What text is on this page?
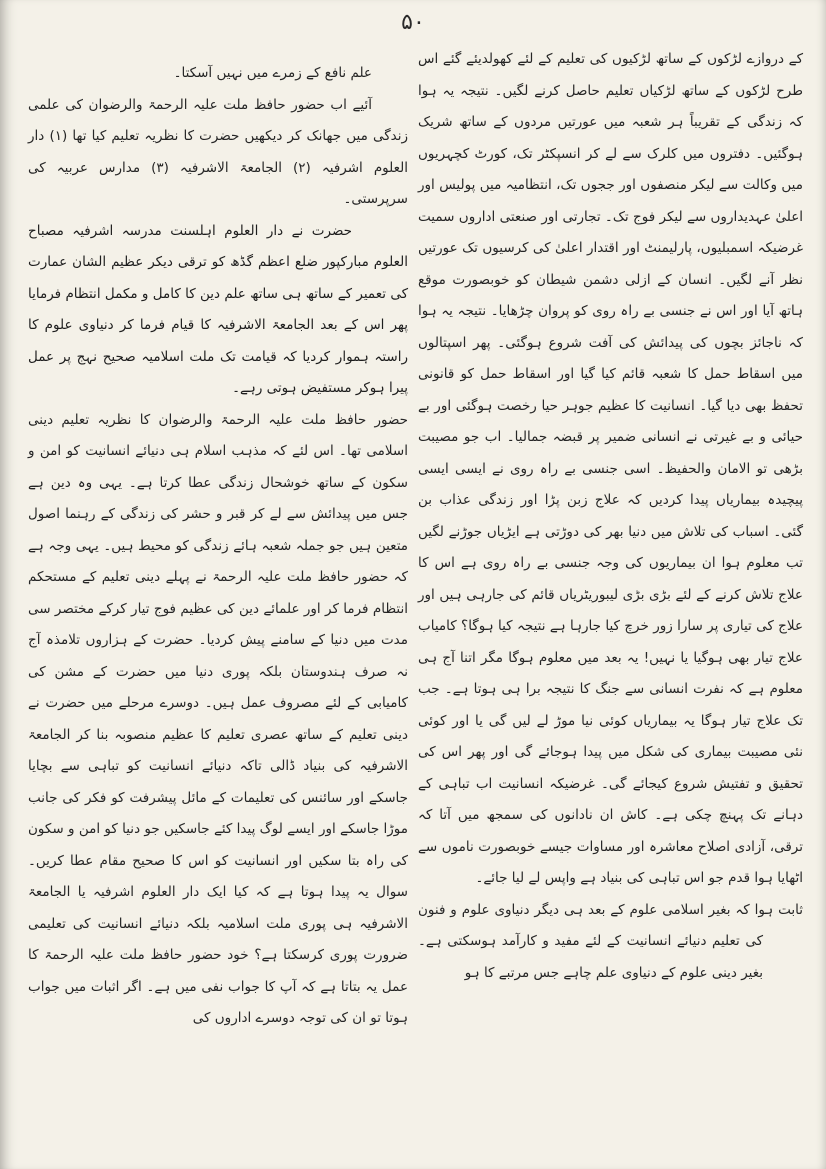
۵۰

کے دروازے لڑکوں کے ساتھ لڑکیوں کی تعلیم کے لئے کھولدیئے گئے اس طرح لڑکوں کے ساتھ لڑکیاں تعلیم حاصل کرنے لگیں۔ نتیجہ یہ ہوا کہ زندگی کے تقریباً ہر شعبہ میں عورتیں مردوں کے ساتھ شریک ہوگئیں۔ دفتروں میں کلرک سے لے کر انسپکٹر تک، کورٹ کچہریوں میں وکالت سے لیکر منصفوں اور ججوں تک، انتظامیہ میں پولیس اور اعلیٰ عہدیداروں سے لیکر فوج تک۔ تجارتی اور صنعتی اداروں سمیت غرضیکہ اسمبلیوں، پارلیمنٹ اور اقتدار اعلیٰ کی کرسیوں تک عورتیں نظر آنے لگیں۔ انسان کے ازلی دشمن شیطان کو خوبصورت موقع ہاتھ آیا اور اس نے جنسی بے راہ روی کو پروان چڑھایا۔ نتیجہ یہ ہوا کہ ناجائز بچوں کی پیدائش کی آفت شروع ہوگئی۔ پھر اسپتالوں میں اسقاط حمل کا شعبہ قائم کیا گیا اور اسقاط حمل کو قانونی تحفظ بھی دیا گیا۔ انسانیت کا عظیم جوہر حیا رخصت ہوگئی اور بے حیائی و بے غیرتی نے انسانی ضمیر پر قبضہ جمالیا۔ اب جو مصیبت بڑھی تو الامان والحفیظ۔ اسی جنسی بے راہ روی نے ایسی ایسی پیچیدہ بیماریاں پیدا کردیں کہ علاج زبن پڑا اور زندگی عذاب بن گئی۔ اسباب کی تلاش میں دنیا بھر کی دوڑتی ہے ایڑیاں جوڑنے لگیں تب معلوم ہوا ان بیماریوں کی وجہ جنسی بے راہ روی ہے اس کا علاج تلاش کرنے کے لئے بڑی بڑی لیبوریٹریاں قائم کی جارہی ہیں اور علاج کی تیاری پر سارا زور خرچ کیا جارہا ہے نتیجہ کیا ہوگا؟ کامیاب علاج تیار بھی ہوگیا یا نہیں! یہ بعد میں معلوم ہوگا مگر اتنا آج ہی معلوم ہے کہ نفرت انسانی سے جنگ کا نتیجہ برا ہی ہوتا ہے۔ جب تک علاج تیار ہوگا یہ بیماریاں کوئی نیا موڑ لے لیں گی یا اور کوئی نئی مصیبت بیماری کی شکل میں پیدا ہوجائے گی اور پھر اس کی تحقیق و تفتیش شروع کیجائے گی۔ غرضیکہ انسانیت اب تباہی کے دہانے تک پہنچ چکی ہے۔ کاش ان نادانوں کی سمجھ میں آتا کہ ترقی، آزادی اصلاح معاشرہ اور مساوات جیسے خوبصورت ناموں سے اٹھایا ہوا قدم جو اس تباہی کی بنیاد ہے واپس لے لیا جائے۔

ثابت ہوا کہ بغیر اسلامی علوم کے بعد ہی دیگر دنیاوی علوم و فنون کی تعلیم دنیائے انسانیت کے لئے مفید و کارآمد ہوسکتی ہے۔ بغیر دینی علوم کے دنیاوی علم چاہے جس مرتبے کا ہو

علم نافع کے زمرے میں نہیں آسکتا۔

آئیے اب حضور حافظ ملت علیہ الرحمۃ والرضوان کی علمی زندگی میں جھانک کر دیکھیں حضرت کا نظریہ تعلیم کیا تھا (۱) دار العلوم اشرفیہ (۲) الجامعۃ الاشرفیہ (۳) مدارس عربیہ کی سرپرستی۔

حضرت نے دار العلوم اہلسنت مدرسہ اشرفیہ مصباح العلوم مبارکپور ضلع اعظم گڈھ کو ترقی دیکر عظیم الشان عمارت کی تعمیر کے ساتھ ہی ساتھ علم دین کا کامل و مکمل انتظام فرمایا پھر اس کے بعد الجامعۃ الاشرفیہ کا قیام فرما کر دنیاوی علوم کا راستہ ہموار کردیا کہ قیامت تک ملت اسلامیہ صحیح نہج پر عمل پیرا ہوکر مستفیض ہوتی رہے۔

حضور حافظ ملت علیہ الرحمۃ والرضوان کا نظریہ تعلیم دینی اسلامی تھا۔ اس لئے کہ مذہب اسلام ہی دنیائے انسانیت کو امن و سکون کے ساتھ خوشحال زندگی عطا کرتا ہے۔ یہی وہ دین ہے جس میں پیدائش سے لے کر قبر و حشر کی زندگی کے رہنما اصول متعین ہیں جو جملہ شعبہ ہائے زندگی کو محیط ہیں۔ یہی وجہ ہے کہ حضور حافظ ملت علیہ الرحمۃ نے پہلے دینی تعلیم کے مستحکم انتظام فرما کر اور علمائے دین کی عظیم فوج تیار کرکے مختصر سی مدت میں دنیا کے سامنے پیش کردیا۔ حضرت کے ہزاروں تلامذہ آج نہ صرف ہندوستان بلکہ پوری دنیا میں حضرت کے مشن کی کامیابی کے لئے مصروف عمل ہیں۔ دوسرے مرحلے میں حضرت نے دینی تعلیم کے ساتھ عصری تعلیم کا عظیم منصوبہ بنا کر الجامعۃ الاشرفیہ کی بنیاد ڈالی تاکہ دنیائے انسانیت کو تباہی سے بچایا جاسکے اور سائنس کی تعلیمات کے مائل پیشرفت کو فکر کی جانب موڑا جاسکے اور ایسے لوگ پیدا کئے جاسکیں جو دنیا کو امن و سکون کی راہ بتا سکیں اور انسانیت کو اس کا صحیح مقام عطا کریں۔ سوال یہ پیدا ہوتا ہے کہ کیا ایک دار العلوم اشرفیہ یا الجامعۃ الاشرفیہ ہی پوری ملت اسلامیہ بلکہ دنیائے انسانیت کی تعلیمی ضرورت پوری کرسکتا ہے؟ خود حضور حافظ ملت علیہ الرحمۃ کا عمل یہ بتاتا ہے کہ آپ کا جواب نفی میں ہے۔ اگر اثبات میں جواب ہوتا تو ان کی توجہ دوسرے اداروں کی
